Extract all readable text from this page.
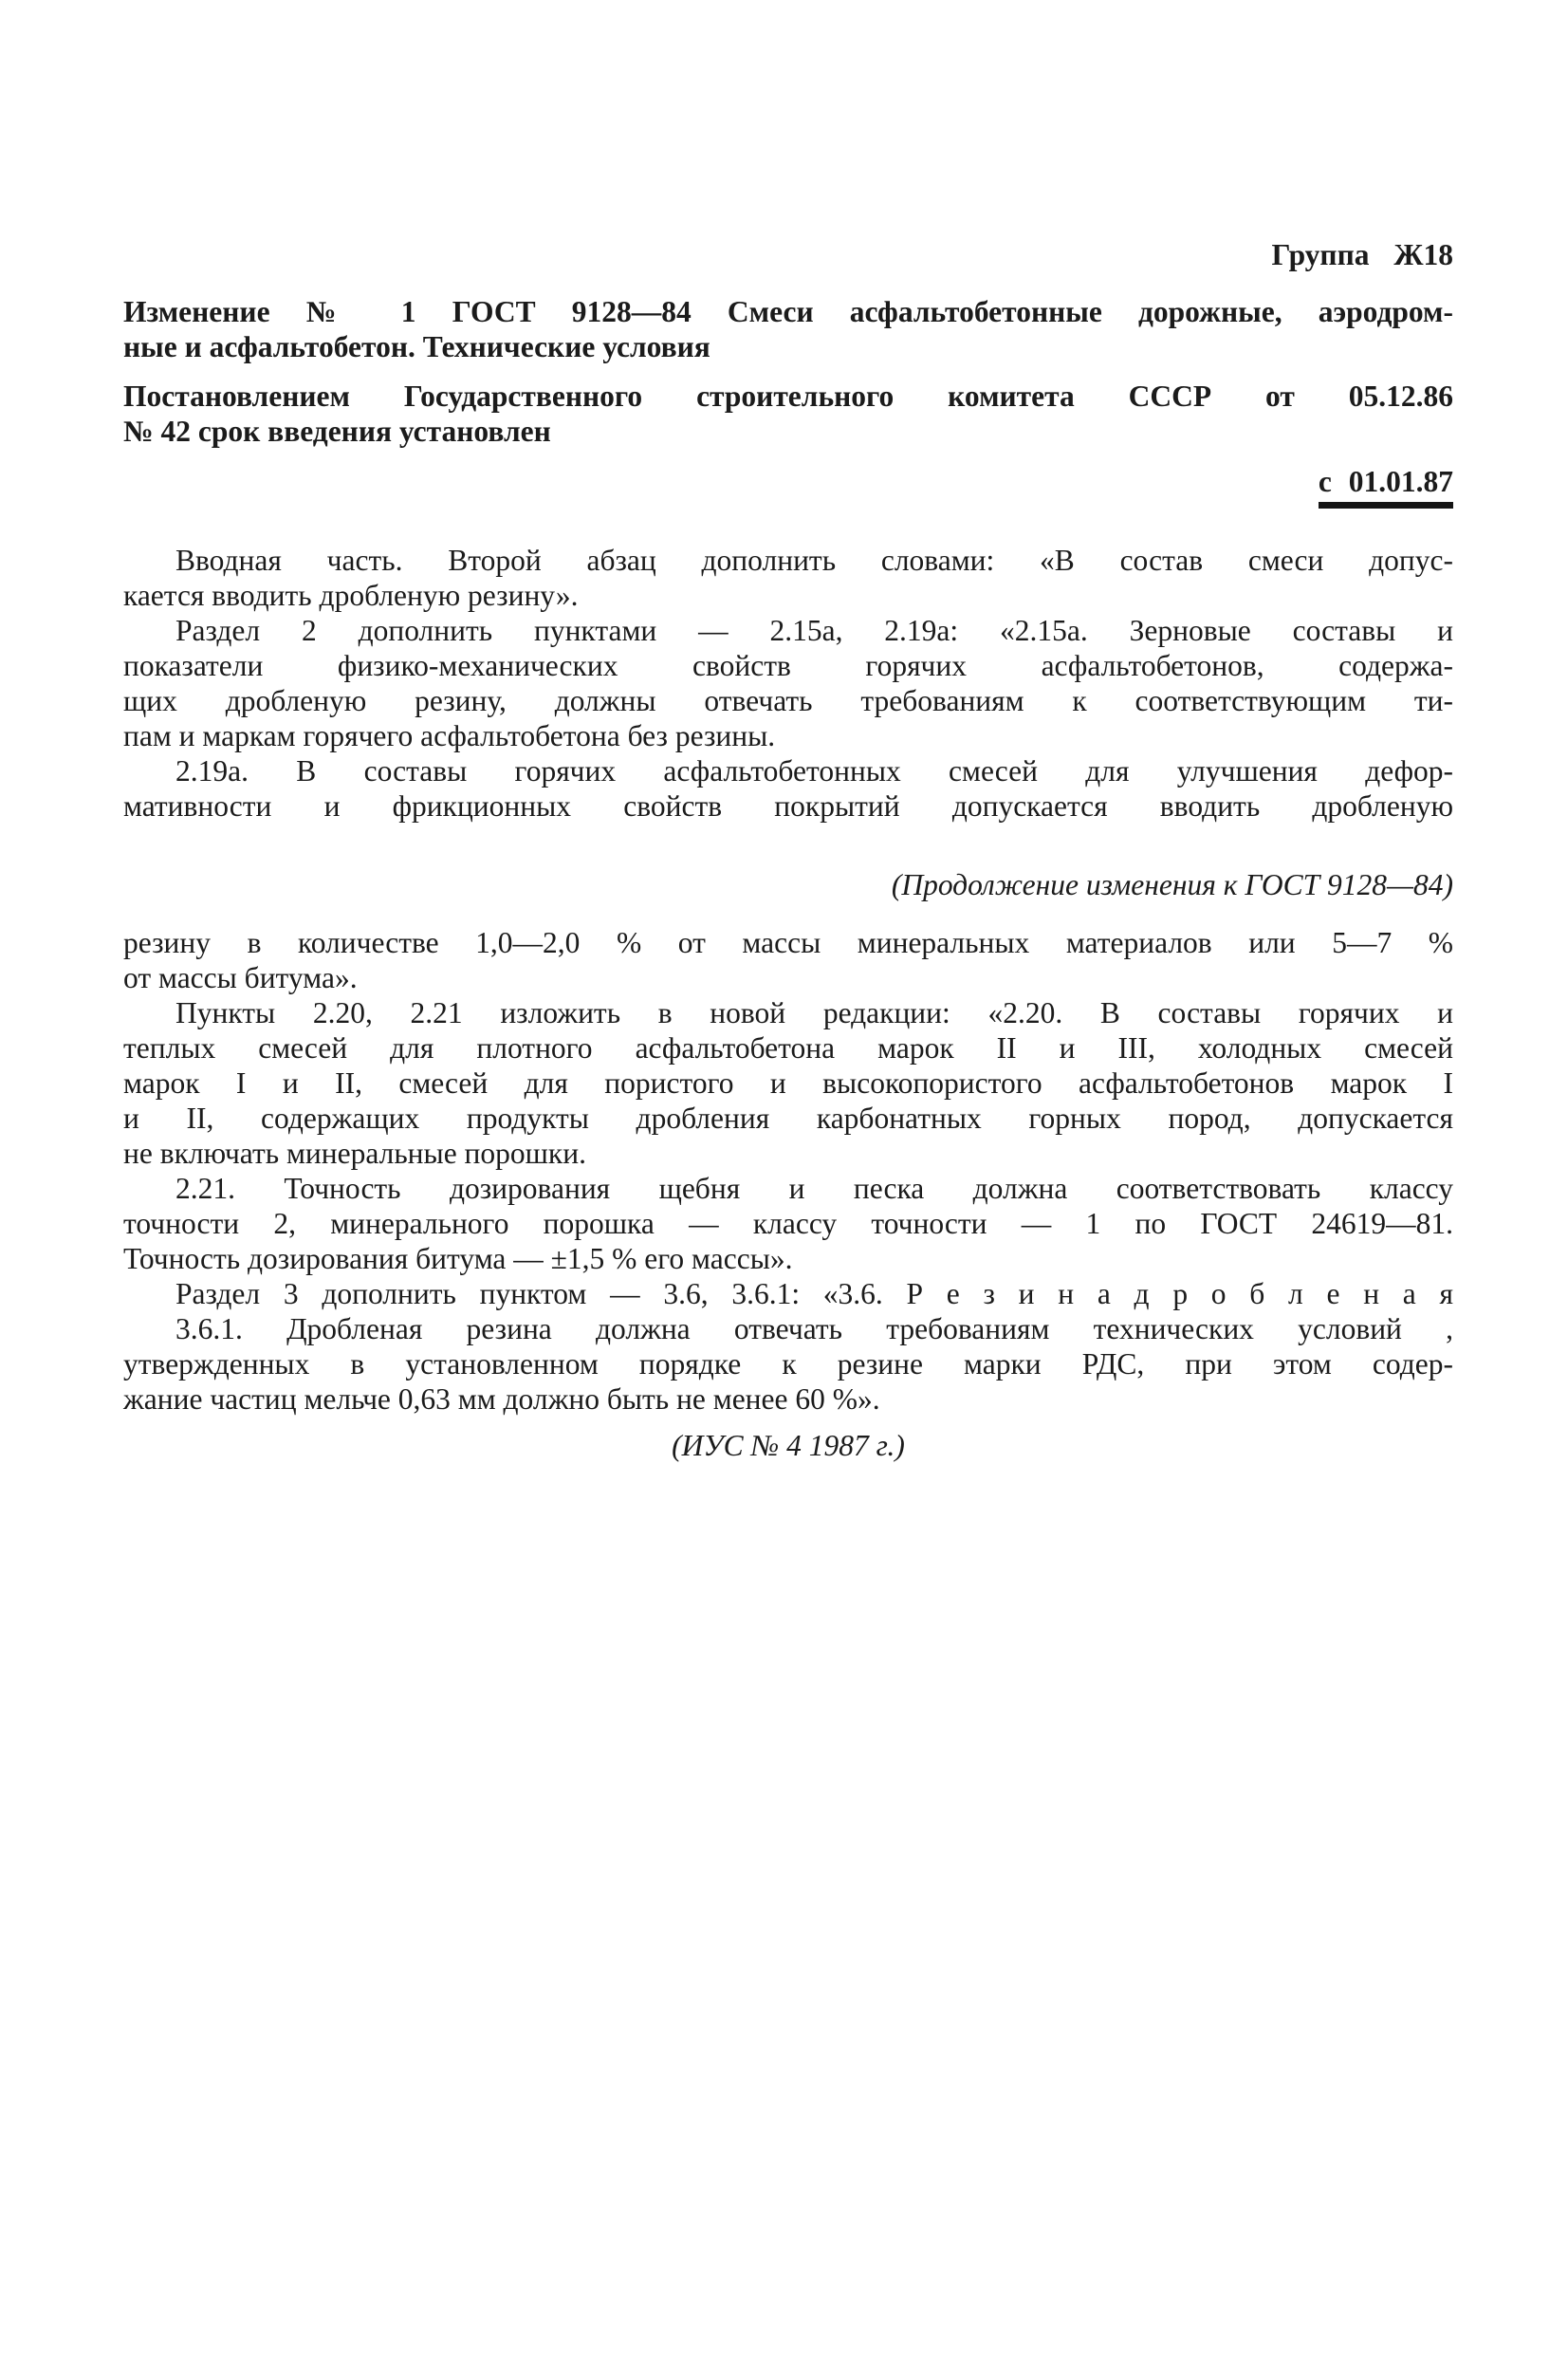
Группа Ж18
Изменение № 1 ГОСТ 9128—84 Смеси асфальтобетонные дорожные, аэродром-
ные и асфальтобетон. Технические условия
Постановлением Государственного строительного комитета СССР от 05.12.86
№ 42 срок введения установлен
с 01.01.87
Вводная часть. Второй абзац дополнить словами: «В состав смеси допус-
кается вводить дробленую резину».
Раздел 2 дополнить пунктами — 2.15а, 2.19а: «2.15а. Зерновые составы и
показатели физико-механических свойств горячих асфальтобетонов, содержа-
щих дробленую резину, должны отвечать требованиям к соответствующим ти-
пам и маркам горячего асфальтобетона без резины.
2.19а. В составы горячих асфальтобетонных смесей для улучшения дефор-
мативности и фрикционных свойств покрытий допускается вводить дробленую
(Продолжение изменения к ГОСТ 9128—84)
резину в количестве 1,0—2,0 % от массы минеральных материалов или 5—7 %
от массы битума».
Пункты 2.20, 2.21 изложить в новой редакции: «2.20. В составы горячих и
теплых смесей для плотного асфальтобетона марок II и III, холодных смесей
марок I и II, смесей для пористого и высокопористого асфальтобетонов марок I
и II, содержащих продукты дробления карбонатных горных пород, допускается
не включать минеральные порошки.
2.21. Точность дозирования щебня и песка должна соответствовать классу
точности 2, минерального порошка — классу точности — 1 по ГОСТ 24619—81.
Точность дозирования битума — ±1,5 % его массы».
Раздел 3 дополнить пунктом — 3.6, 3.6.1: «3.6. Р е з и н а д р о б л е н а я
3.6.1. Дробленая резина должна отвечать требованиям технических условий ,
утвержденных в установленном порядке к резине марки РДС, при этом содер-
жание частиц мельче 0,63 мм должно быть не менее 60 %».
(ИУС № 4 1987 г.)
